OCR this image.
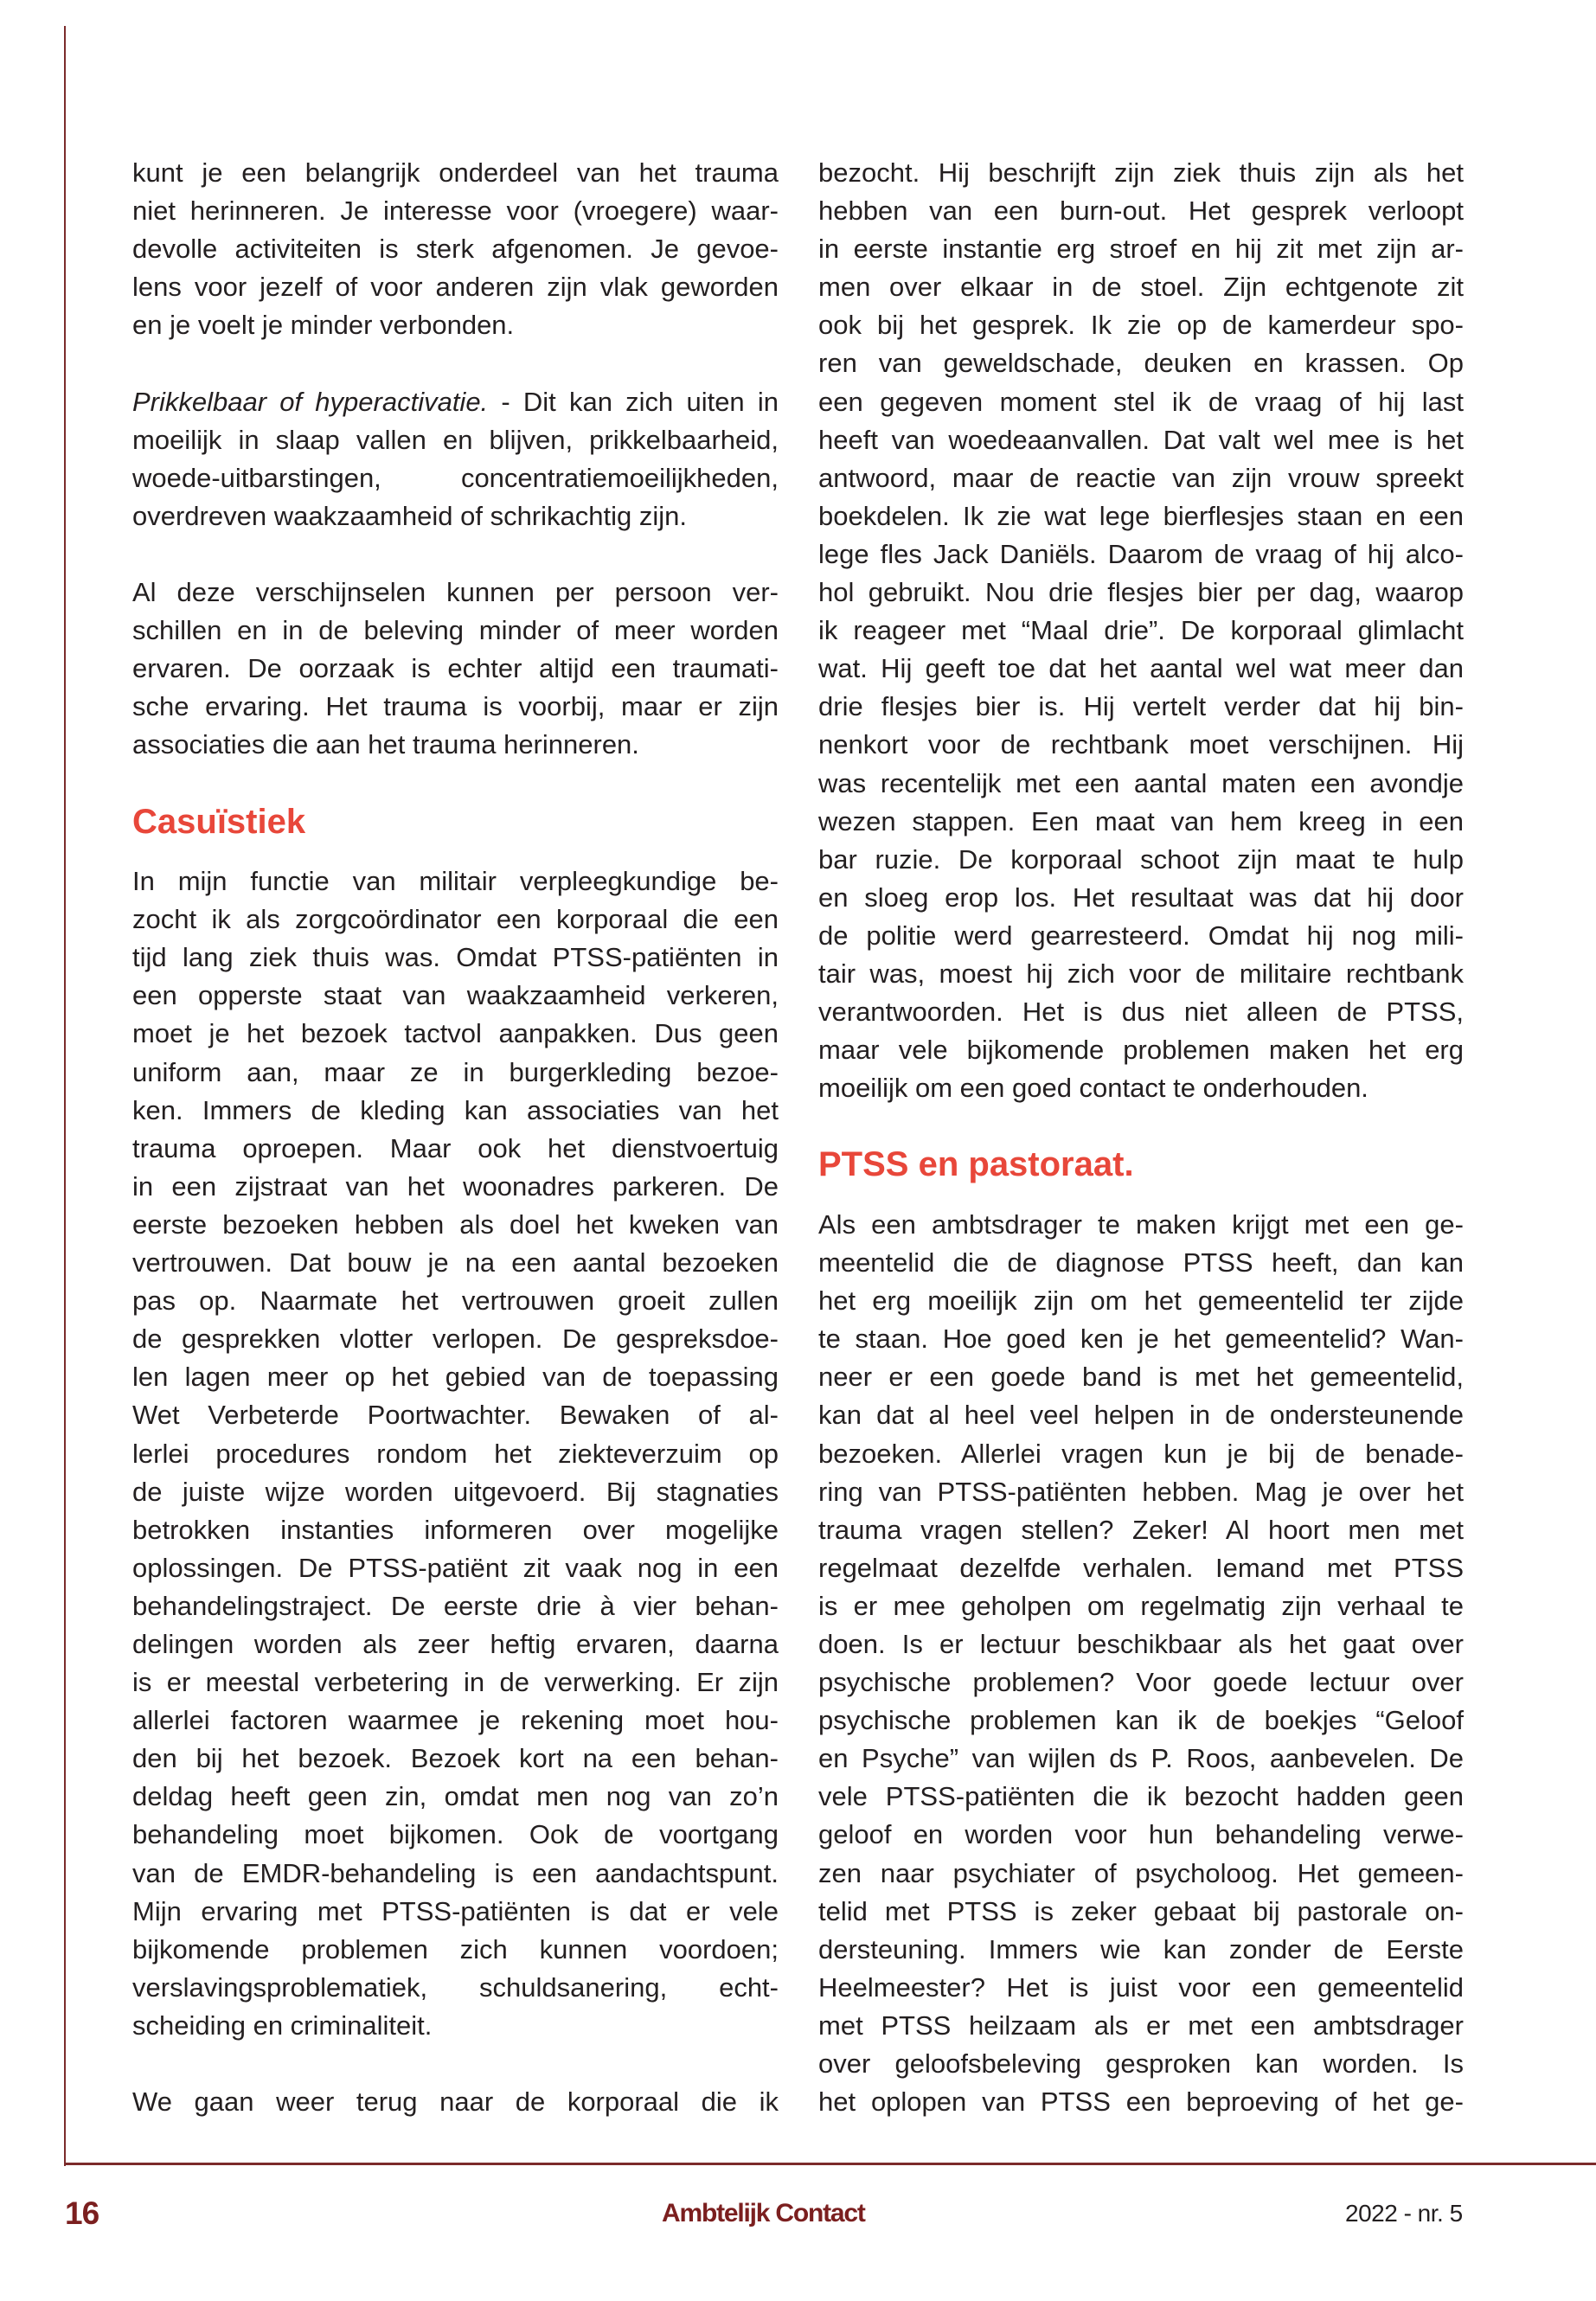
kunt je een belangrijk onderdeel van het trauma
niet herinneren. Je interesse voor (vroegere) waar-
devolle activiteiten is sterk afgenomen. Je gevoe-
lens voor jezelf of voor anderen zijn vlak geworden
en je voelt je minder verbonden.
Prikkelbaar of hyperactivatie. - Dit kan zich uiten in
moeilijk in slaap vallen en blijven, prikkelbaarheid,
woede-uitbarstingen, concentratiemoeilijkheden,
overdreven waakzaamheid of schrikachtig zijn.
Al deze verschijnselen kunnen per persoon ver-
schillen en in de beleving minder of meer worden
ervaren. De oorzaak is echter altijd een traumati-
sche ervaring. Het trauma is voorbij, maar er zijn
associaties die aan het trauma herinneren.
Casuïstiek
In mijn functie van militair verpleegkundige be-
zocht ik als zorgcoördinator een korporaal die een
tijd lang ziek thuis was. Omdat PTSS-patiënten in
een opperste staat van waakzaamheid verkeren,
moet je het bezoek tactvol aanpakken. Dus geen
uniform aan, maar ze in burgerkleding bezoe-
ken. Immers de kleding kan associaties van het
trauma oproepen. Maar ook het dienstvoertuig
in een zijstraat van het woonadres parkeren. De
eerste bezoeken hebben als doel het kweken van
vertrouwen. Dat bouw je na een aantal bezoeken
pas op. Naarmate het vertrouwen groeit zullen
de gesprekken vlotter verlopen. De gespreksdoe-
len lagen meer op het gebied van de toepassing
Wet Verbeterde Poortwachter. Bewaken of al-
lerlei procedures rondom het ziekteverzuim op
de juiste wijze worden uitgevoerd. Bij stagnaties
betrokken instanties informeren over mogelijke
oplossingen. De PTSS-patiënt zit vaak nog in een
behandelingstraject. De eerste drie à vier behan-
delingen worden als zeer heftig ervaren, daarna
is er meestal verbetering in de verwerking. Er zijn
allerlei factoren waarmee je rekening moet hou-
den bij het bezoek. Bezoek kort na een behan-
deldag heeft geen zin, omdat men nog van zo’n
behandeling moet bijkomen. Ook de voortgang
van de EMDR-behandeling is een aandachtspunt.
Mijn ervaring met PTSS-patiënten is dat er vele
bijkomende problemen zich kunnen voordoen;
verslavingsproblematiek, schuldsanering, echt-
scheiding en criminaliteit.
We gaan weer terug naar de korporaal die ik
bezocht. Hij beschrijft zijn ziek thuis zijn als het
hebben van een burn-out. Het gesprek verloopt
in eerste instantie erg stroef en hij zit met zijn ar-
men over elkaar in de stoel. Zijn echtgenote zit
ook bij het gesprek. Ik zie op de kamerdeur spo-
ren van geweldschade, deuken en krassen. Op
een gegeven moment stel ik de vraag of hij last
heeft van woedeaanvallen. Dat valt wel mee is het
antwoord, maar de reactie van zijn vrouw spreekt
boekdelen. Ik zie wat lege bierflesjes staan en een
lege fles Jack Daniëls. Daarom de vraag of hij alco-
hol gebruikt. Nou drie flesjes bier per dag, waarop
ik reageer met “Maal drie”. De korporaal glimlacht
wat. Hij geeft toe dat het aantal wel wat meer dan
drie flesjes bier is. Hij vertelt verder dat hij bin-
nenkort voor de rechtbank moet verschijnen. Hij
was recentelijk met een aantal maten een avondje
wezen stappen. Een maat van hem kreeg in een
bar ruzie. De korporaal schoot zijn maat te hulp
en sloeg erop los. Het resultaat was dat hij door
de politie werd gearresteerd. Omdat hij nog mili-
tair was, moest hij zich voor de militaire rechtbank
verantwoorden. Het is dus niet alleen de PTSS,
maar vele bijkomende problemen maken het erg
moeilijk om een goed contact te onderhouden.
PTSS en pastoraat.
Als een ambtsdrager te maken krijgt met een ge-
meentelid die de diagnose PTSS heeft, dan kan
het erg moeilijk zijn om het gemeentelid ter zijde
te staan. Hoe goed ken je het gemeentelid? Wan-
neer er een goede band is met het gemeentelid,
kan dat al heel veel helpen in de ondersteunende
bezoeken. Allerlei vragen kun je bij de benade-
ring van PTSS-patiënten hebben. Mag je over het
trauma vragen stellen? Zeker! Al hoort men met
regelmaat dezelfde verhalen. Iemand met PTSS
is er mee geholpen om regelmatig zijn verhaal te
doen. Is er lectuur beschikbaar als het gaat over
psychische problemen? Voor goede lectuur over
psychische problemen kan ik de boekjes “Geloof
en Psyche” van wijlen ds P. Roos, aanbevelen. De
vele PTSS-patiënten die ik bezocht hadden geen
geloof en worden voor hun behandeling verwe-
zen naar psychiater of psycholoog. Het gemeen-
telid met PTSS is zeker gebaat bij pastorale on-
dersteuning. Immers wie kan zonder de Eerste
Heelmeester? Het is juist voor een gemeentelid
met PTSS heilzaam als er met een ambtsdrager
over geloofsbeleving gesproken kan worden. Is
het oplopen van PTSS een beproeving of het ge-
16	Ambtelijk Contact	2022 - nr. 5
